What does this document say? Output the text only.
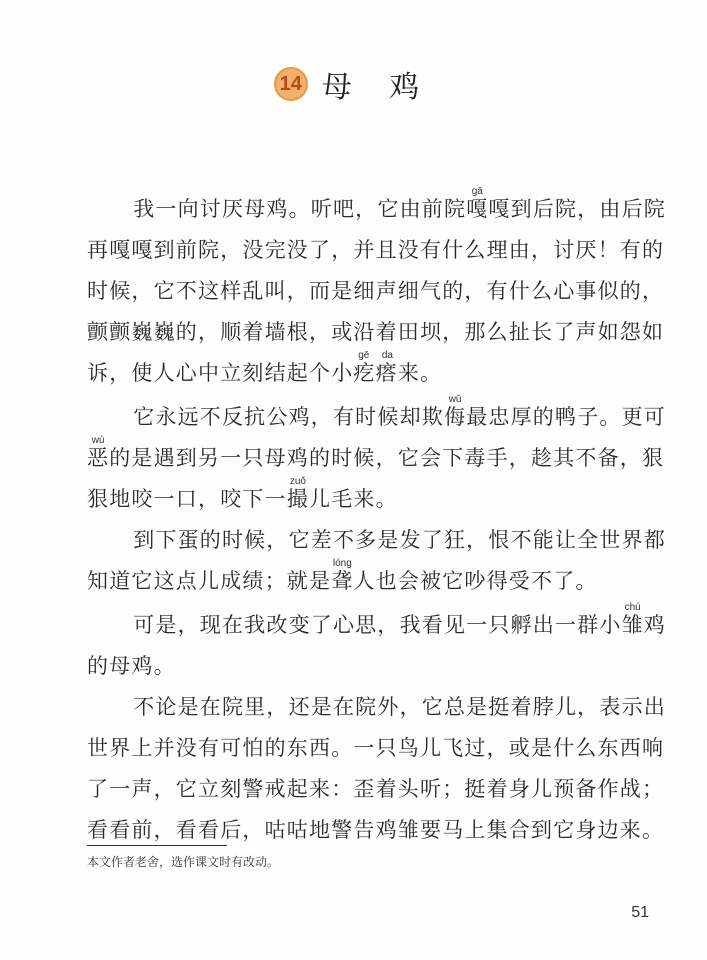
14 母 鸡

我一向讨厌母鸡。听吧，它由前院嘎gā嘎到后院，由后院再嘎嘎到前院，没完没了，并且没有什么理由，讨厌！有的时候，它不这样乱叫，而是细声细气的，有什么心事似的，颤颤巍巍的，顺着墙根，或沿着田坝，那么扯长了声如怨如诉，使人心中立刻结起个小疙瘩gē da来。

它永远不反抗公鸡，有时候却欺侮wǔ最忠厚的鸭子。更可恶wù的是遇到另一只母鸡的时候，它会下毒手，趁其不备，狠狠地咬一口，咬下一撮zuǒ儿毛来。

到下蛋的时候，它差不多是发了狂，恨不能让全世界都知道它这点儿成绩；就是聋lóng人也会被它吵得受不了。

可是，现在我改变了心思，我看见一只孵出一群小雏chú鸡的母鸡。

不论是在院里，还是在院外，它总是挺着脖儿，表示出世界上并没有可怕的东西。一只鸟儿飞过，或是什么东西响了一声，它立刻警戒起来：歪着头听；挺着身儿预备作战；看看前，看看后，咕咕地警告鸡雏要马上集合到它身边来。

本文作者老舍，选作课文时有改动。
51
